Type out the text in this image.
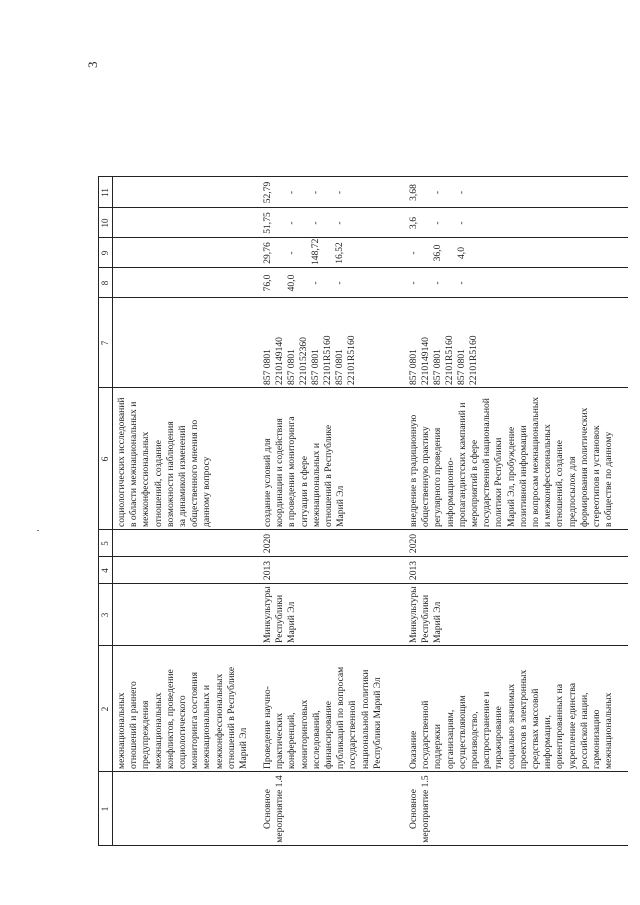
3
1
2
3
4
5
6
7
8
9
10
11
межнациональных
отношений и раннего
предупреждения
межнациональных
конфликтов, проведение
социологического
мониторинга состояния
межнациональных и
межконфессиональных
отношений в Республике
Марий Эл
социологических исследований
в области межнациональных и
межконфессиональных
отношений, создание
возможности наблюдения
за динамикой изменений
общественного мнения по
данному вопросу
Основное
мероприятие 1.4
Проведение научно-
практических
конференций,
мониторинговых
исследований,
финансирование
публикаций по вопросам
государственной
национальной политики
Республики Марий Эл
Минкультуры
Республики
Марий Эл
2013
2020
создание условий для
координации и содействия
в проведении мониторинга
ситуации в сфере
межнациональных и
отношений в Республике
Марий Эл
857 0801 2210149140 857 0801 2210152360 857 0801 22101R5160 857 0801 22101R5160
76,0 40,0 - -
29,76 - 148,72 16,52
51,75 - - -
52,79 - - -
Основное
мероприятие 1.5
Оказание
государственной
поддержки
организациям,
осуществляющим
производство,
распространение и
тиражирование
социально значимых
проектов в электронных
средствах массовой
информации,
ориентированных на
укрепление единства
российской нации,
гармонизацию
межнациональных
Минкультуры
Республики
Марий Эл
2013
2020
внедрение в традиционную
общественную практику
регулярного проведения
информационно-
пропагандистских кампаний и
мероприятий в сфере
государственной национальной
политики Республики
Марий Эл, пробуждение
позитивной информации
по вопросам межнациональных
и межконфессиональных
отношений, создание
предпосылок для
формирования политических
стереотипов и установок
в обществе по данному
857 0801 2210149140 857 0801 22101R5160 857 0801 22101R5160
- - -
- 36,0 4,0
3,6 - -
3,68 - -
